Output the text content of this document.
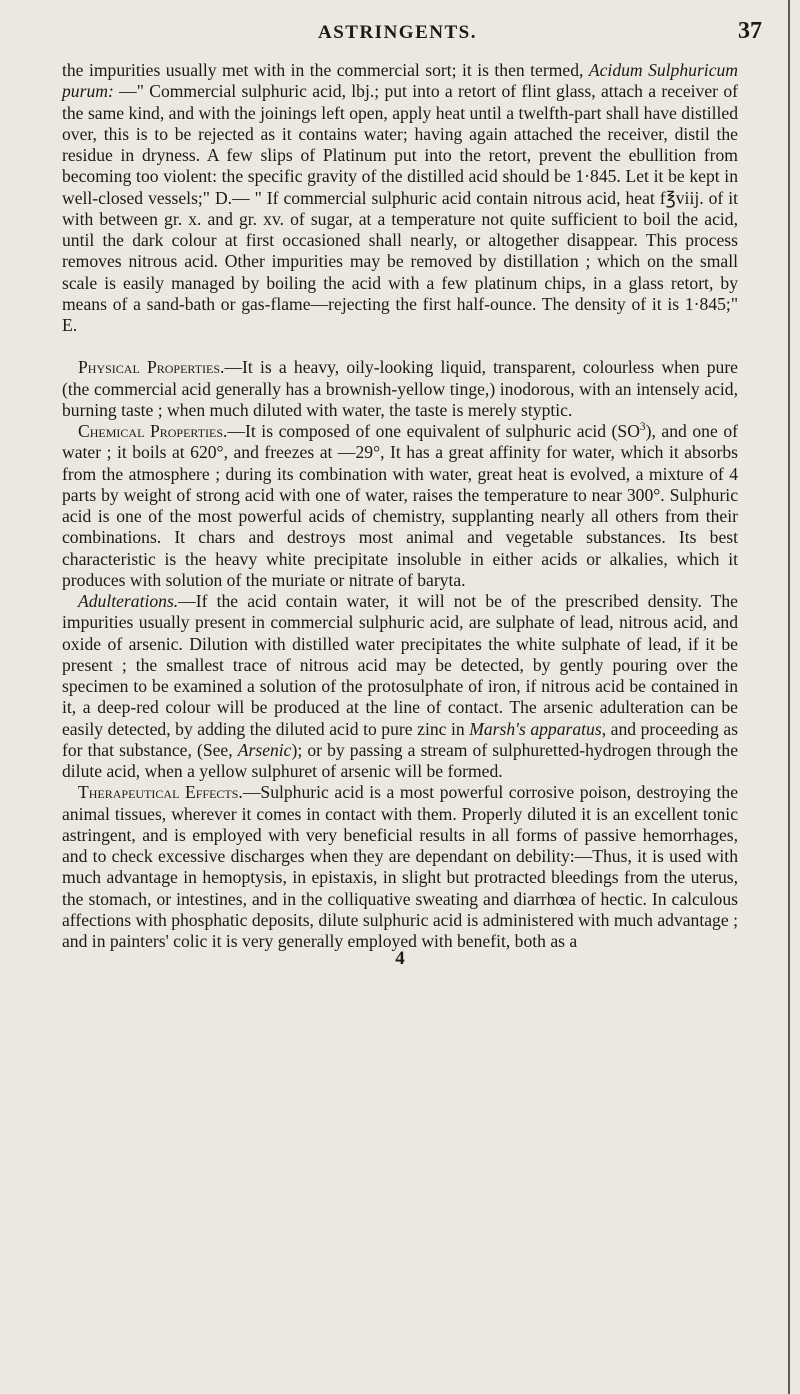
ASTRINGENTS.	37

the impurities usually met with in the commercial sort; it is then termed, Acidum Sulphuricum purum: —" Commercial sulphuric acid, lbj.; put into a retort of flint glass, attach a receiver of the same kind, and with the joinings left open, apply heat until a twelfth-part shall have distilled over, this is to be rejected as it contains water; having again attached the receiver, distil the residue in dryness. A few slips of Platinum put into the retort, prevent the ebullition from becoming too violent: the specific gravity of the distilled acid should be 1·845. Let it be kept in well-closed vessels;" D.— " If commercial sulphuric acid contain nitrous acid, heat f℥viij. of it with between gr. x. and gr. xv. of sugar, at a temperature not quite sufficient to boil the acid, until the dark colour at first occasioned shall nearly, or altogether disappear. This process removes nitrous acid. Other impurities may be removed by distillation ; which on the small scale is easily managed by boiling the acid with a few platinum chips, in a glass retort, by means of a sand-bath or gas-flame—rejecting the first half-ounce. The density of it is 1·845;" E.

Physical Properties.—It is a heavy, oily-looking liquid, transparent, colourless when pure (the commercial acid generally has a brownish-yellow tinge,) inodorous, with an intensely acid, burning taste ; when much diluted with water, the taste is merely styptic.

Chemical Properties.—It is composed of one equivalent of sulphuric acid $(SO^3)$, and one of water ; it boils at 620°, and freezes at —29°, It has a great affinity for water, which it absorbs from the atmosphere ; during its combination with water, great heat is evolved, a mixture of 4 parts by weight of strong acid with one of water, raises the temperature to near 300°. Sulphuric acid is one of the most powerful acids of chemistry, supplanting nearly all others from their combinations. It chars and destroys most animal and vegetable substances. Its best characteristic is the heavy white precipitate insoluble in either acids or alkalies, which it produces with solution of the muriate or nitrate of baryta.

Adulterations.—If the acid contain water, it will not be of the prescribed density. The impurities usually present in commercial sulphuric acid, are sulphate of lead, nitrous acid, and oxide of arsenic. Dilution with distilled water precipitates the white sulphate of lead, if it be present ; the smallest trace of nitrous acid may be detected, by gently pouring over the specimen to be examined a solution of the protosulphate of iron, if nitrous acid be contained in it, a deep-red colour will be produced at the line of contact. The arsenic adulteration can be easily detected, by adding the diluted acid to pure zinc in Marsh's apparatus, and proceeding as for that substance, (See, Arsenic); or by passing a stream of sulphuretted-hydrogen through the dilute acid, when a yellow sulphuret of arsenic will be formed.

Therapeutical Effects.—Sulphuric acid is a most powerful corrosive poison, destroying the animal tissues, wherever it comes in contact with them. Properly diluted it is an excellent tonic astringent, and is employed with very beneficial results in all forms of passive hemorrhages, and to check excessive discharges when they are dependant on debility:—Thus, it is used with much advantage in hemoptysis, in epistaxis, in slight but protracted bleedings from the uterus, the stomach, or intestines, and in the colliquative sweating and diarrhœa of hectic. In calculous affections with phosphatic deposits, dilute sulphuric acid is administered with much advantage ; and in painters' colic it is very generally employed with benefit, both as a

4
